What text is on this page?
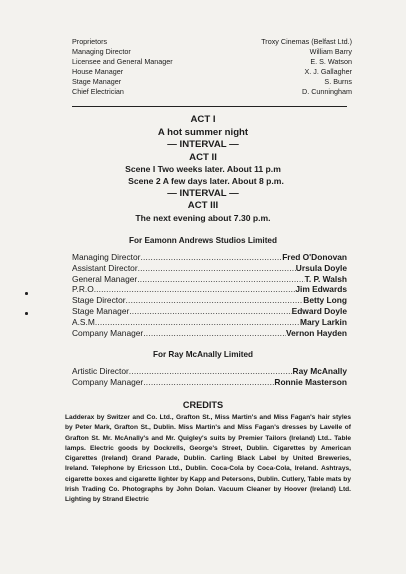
Proprietors	Troxy Cinemas (Belfast Ltd.)
Managing Director	William Barry
Licensee and General Manager	E. S. Watson
House Manager	X. J. Gallagher
Stage Manager	S. Burns
Chief Electrician	D. Cunningham
ACT I
A hot summer night
— INTERVAL —
ACT II
Scene I Two weeks later. About 11 p.m
Scene 2 A few days later. About 8 p.m.
— INTERVAL —
ACT III
The next evening about 7.30 p.m.
For Eamonn Andrews Studios Limited
Managing Director .....	Fred O'Donovan
Assistant Director .....	Ursula Doyle
General Manager .....	T. P. Walsh
P.R.O. .....	Jim Edwards
Stage Director .....	Betty Long
Stage Manager .....	Edward Doyle
A.S.M .....	Mary Larkin
Company Manager .....	Vernon Hayden
For Ray McAnally Limited
Artistic Director .....	Ray McAnally
Company Manager .....	Ronnie Masterson
CREDITS
Ladderax by Switzer and Co. Ltd., Grafton St., Miss Martin's and Miss Fagan's hair styles by Peter Mark, Grafton St., Dublin. Miss Martin's and Miss Fagan's dresses by Lavelle of Grafton St. Mr. McAnally's and Mr. Quigley's suits by Premier Tailors (Ireland) Ltd.. Table lamps. Electric goods by Dockrells, George's Street, Dublin. Cigarettes by American Cigarettes (Ireland) Grand Parade, Dublin. Carling Black Label by United Breweries, Ireland. Telephone by Ericsson Ltd., Dublin. Coca-Cola by Coca-Cola, Ireland. Ashtrays, cigarette boxes and cigarette lighter by Kapp and Petersons, Dublin. Cutlery, Table mats by Irish Trading Co. Photographs by John Dolan. Vacuum Cleaner by Hoover (Ireland) Ltd. Lighting by Strand Electric
